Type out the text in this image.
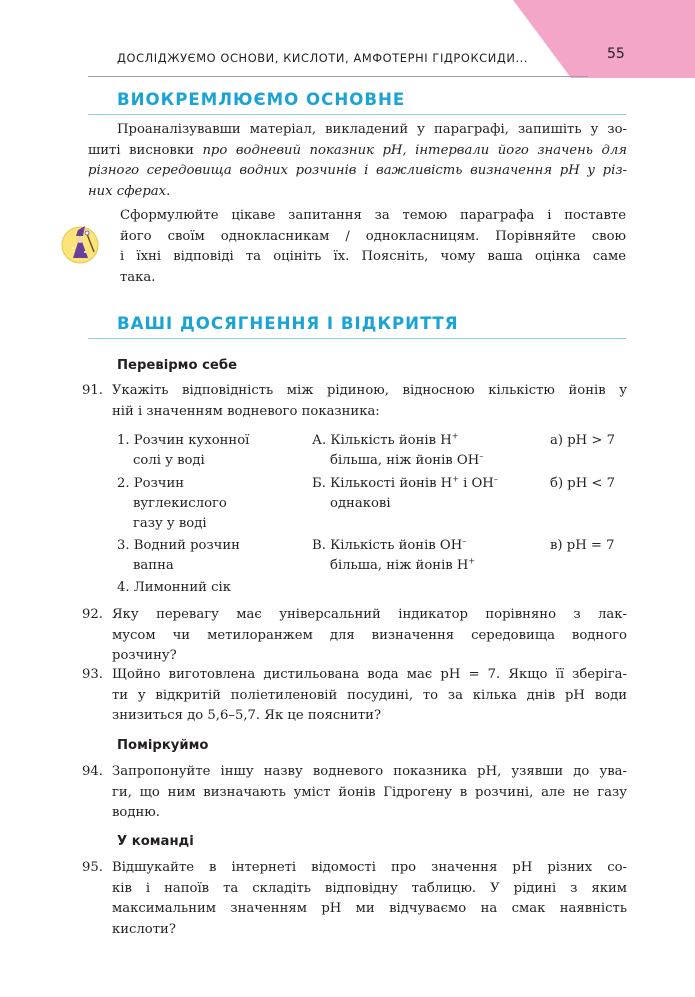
55
ДОСЛІДЖУЄМО ОСНОВИ, КИСЛОТИ, АМФОТЕРНІ ГІДРОКСИДИ...
ВИОКРЕМЛЮЄМО ОСНОВНЕ
Проаналізувавши матеріал, викладений у параграфі, запишіть у зо-
шиті висновки про водневий показник pH, інтервали його значень для
різного середовища водних розчинів і важливість визначення pH у різ-
них сферах.
Сформулюйте цікаве запитання за темою параграфа і поставте
його своїм однокласникам / однокласницям. Порівняйте свою
і їхні відповіді та оцініть їх. Поясніть, чому ваша оцінка саме
така.
ВАШІ ДОСЯГНЕННЯ І ВІДКРИТТЯ
Перевірмо себе
91. Укажіть відповідність між рідиною, відносною кількістю йонів у
ній і значенням водневого показника:
1. Розчин кухонної
солі у воді
2. Розчин
вуглекислого
газу у воді
3. Водний розчин
вапна
4. Лимонний сік
А. Кількість йонів H+
більша, ніж йонів OH–
Б. Кількості йонів H+ і OH–
однакові
В. Кількість йонів OH–
більша, ніж йонів H+
а) pH > 7
б) pH < 7
в) pH = 7
92. Яку перевагу має універсальний індикатор порівняно з лак-
мусом чи метилоранжем для визначення середовища водного
розчину?
93. Щойно виготовлена дистильована вода має pH = 7. Якщо її зберіга-
ти у відкритій поліетиленовій посудині, то за кілька днів pH води
знизиться до 5,6–5,7. Як це пояснити?
Поміркуймо
94. Запропонуйте іншу назву водневого показника pH, узявши до ува-
ги, що ним визначають уміст йонів Гідрогену в розчині, але не газу
водню.
У команді
95. Відшукайте в інтернеті відомості про значення pH різних со-
ків і напоїв та складіть відповідну таблицю. У рідині з яким
максимальним значенням pH ми відчуваємо на смак наявність
кислоти?
